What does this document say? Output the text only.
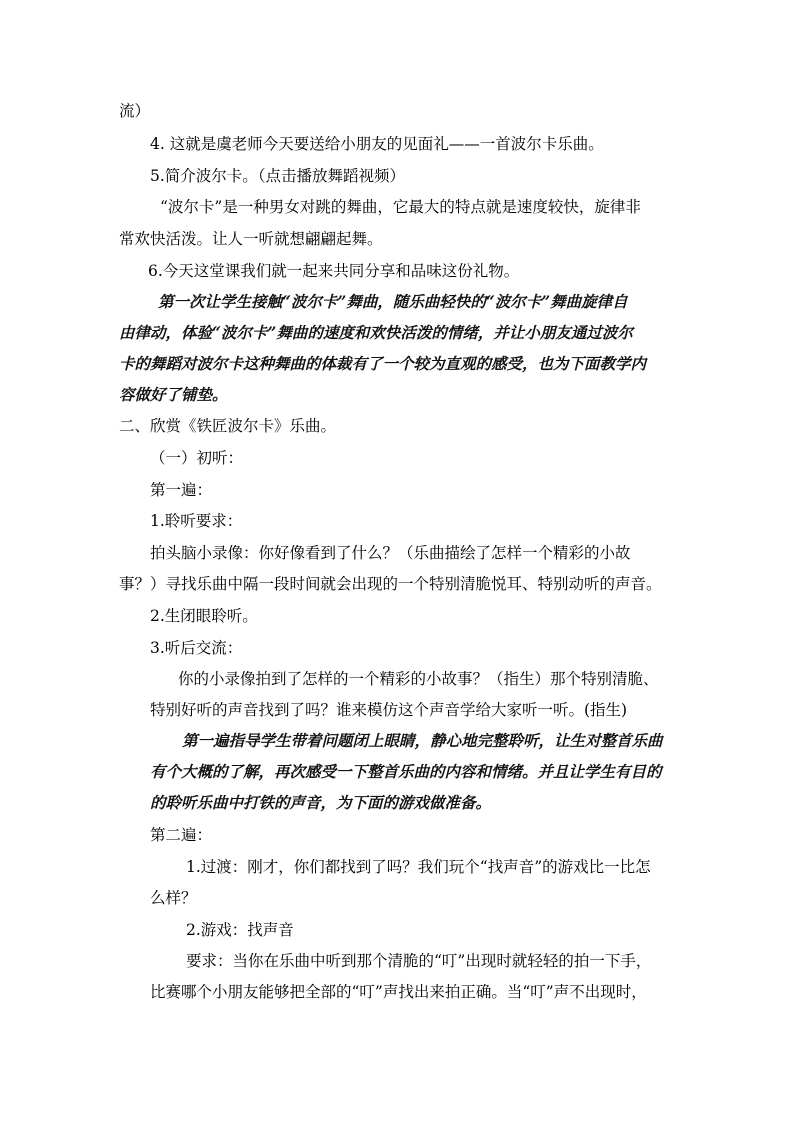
流）
4. 这就是虞老师今天要送给小朋友的见面礼——一首波尔卡乐曲。
5.简介波尔卡。（点击播放舞蹈视频）
“波尔卡”是一种男女对跳的舞曲，它最大的特点就是速度较快，旋律非
常欢快活泼。让人一听就想翩翩起舞。
6.今天这堂课我们就一起来共同分享和品味这份礼物。
第一次让学生接触“波尔卡”舞曲，随乐曲轻快的“波尔卡”舞曲旋律自
由律动，体验“波尔卡”舞曲的速度和欢快活泼的情绪，并让小朋友通过波尔
卡的舞蹈对波尔卡这种舞曲的体裁有了一个较为直观的感受，也为下面教学内
容做好了铺垫。
二、欣赏《铁匠波尔卡》乐曲。
（一）初听：
第一遍：
1.聆听要求：
拍头脑小录像：你好像看到了什么？（乐曲描绘了怎样一个精彩的小故
事？）寻找乐曲中隔一段时间就会出现的一个特别清脆悦耳、特别动听的声音。
2.生闭眼聆听。
3.听后交流：
你的小录像拍到了怎样的一个精彩的小故事？（指生）那个特别清脆、
特别好听的声音找到了吗？谁来模仿这个声音学给大家听一听。(指生)
第一遍指导学生带着问题闭上眼睛，静心地完整聆听，让生对整首乐曲
有个大概的了解，再次感受一下整首乐曲的内容和情绪。并且让学生有目的
的聆听乐曲中打铁的声音，为下面的游戏做准备。
第二遍：
1.过渡：刚才，你们都找到了吗？我们玩个“找声音”的游戏比一比怎
么样？
2.游戏：找声音
要求：当你在乐曲中听到那个清脆的“叮”出现时就轻轻的拍一下手，
比赛哪个小朋友能够把全部的“叮”声找出来拍正确。当“叮”声不出现时，
